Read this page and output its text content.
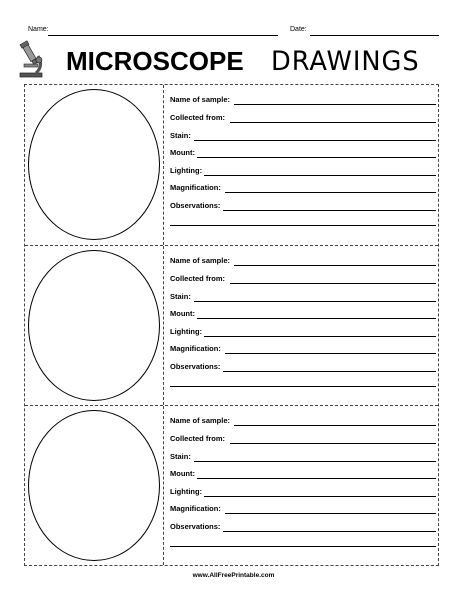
Name:	Date:
MICROSCOPE DRAWINGS
Name of sample:
Collected from:
Stain:
Mount:
Lighting:
Magnification:
Observations:
Name of sample:
Collected from:
Stain:
Mount:
Lighting:
Magnification:
Observations:
Name of sample:
Collected from:
Stain:
Mount:
Lighting:
Magnification:
Observations:
www.AllFreePrintable.com
